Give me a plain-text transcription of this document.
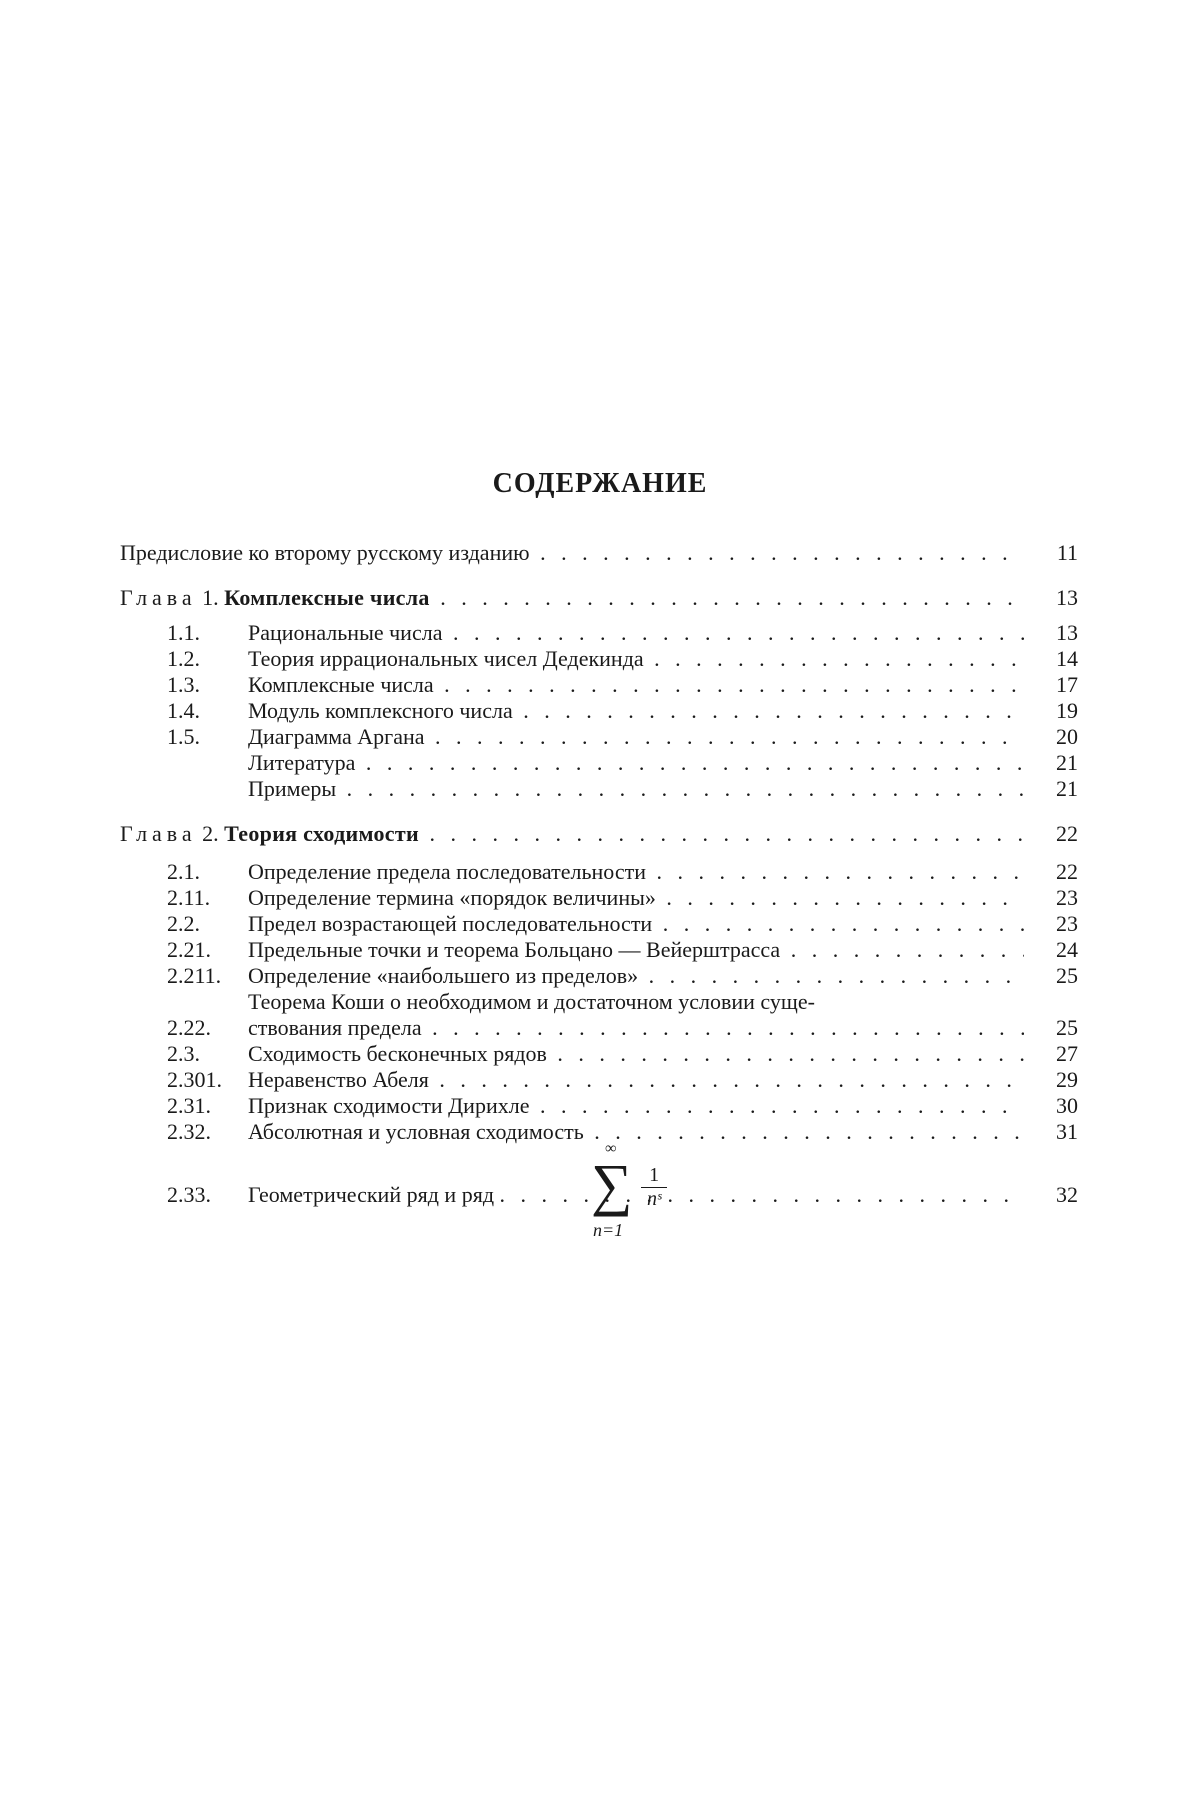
СОДЕРЖАНИЕ
Предисловие ко второму русскому изданию . . . . . . . . . . . . . . . . . . . . . . .	11
Глава 1. Комплексные числа . . . . . . . . . . . . . . . . . . . . . . . . . . . .	13
1.1.	Рациональные числа . . . . . . . . . . . . . . . . . . . . . . . . . . .	13
1.2.	Теория иррациональных чисел Дедекинда . . . . . . . . . . . . . . . . . .	14
1.3.	Комплексные числа . . . . . . . . . . . . . . . . . . . . . . . . . . . .	17
1.4.	Модуль комплексного числа . . . . . . . . . . . . . . . . . . . . . . . .	19
1.5.	Диаграмма Аргана . . . . . . . . . . . . . . . . . . . . . . . . . . . .	20
Литература . . . . . . . . . . . . . . . . . . . . . . . . . . . . . . .	21
Примеры . . . . . . . . . . . . . . . . . . . . . . . . . . . . . . . .	21
Глава 2. Теория сходимости . . . . . . . . . . . . . . . . . . . . . . . . . . . .	22
2.1.	Определение предела последовательности . . . . . . . . . . . . . . . . . .	22
2.11.	Определение термина «порядок величины» . . . . . . . . . . . . . . . . .	23
2.2.	Предел возрастающей последовательности . . . . . . . . . . . . . . . . .	23
2.21.	Предельные точки и теорема Больцано — Вейерштрасса . . . . . . . . . . .	24
2.211.	Определение «наибольшего из пределов» . . . . . . . . . . . . . . . . . .	25
Теорема Коши о необходимом и достаточном условии суще-
2.22.	ствования предела . . . . . . . . . . . . . . . . . . . . . . . . . . . .	25
2.3.	Сходимость бесконечных рядов . . . . . . . . . . . . . . . . . . . . . .	27
2.301.	Неравенство Абеля . . . . . . . . . . . . . . . . . . . . . . . . . . . .	29
2.31.	Признак сходимости Дирихле . . . . . . . . . . . . . . . . . . . . . . .	30
2.32.	Абсолютная и условная сходимость . . . . . . . . . . . . . . . . . . . . .	31
2.33.	Геометрический ряд и ряд . . . . . . . . . . . . . . . . . . . . . . . . .	32
∞
∑
n=1
1
nˢ
